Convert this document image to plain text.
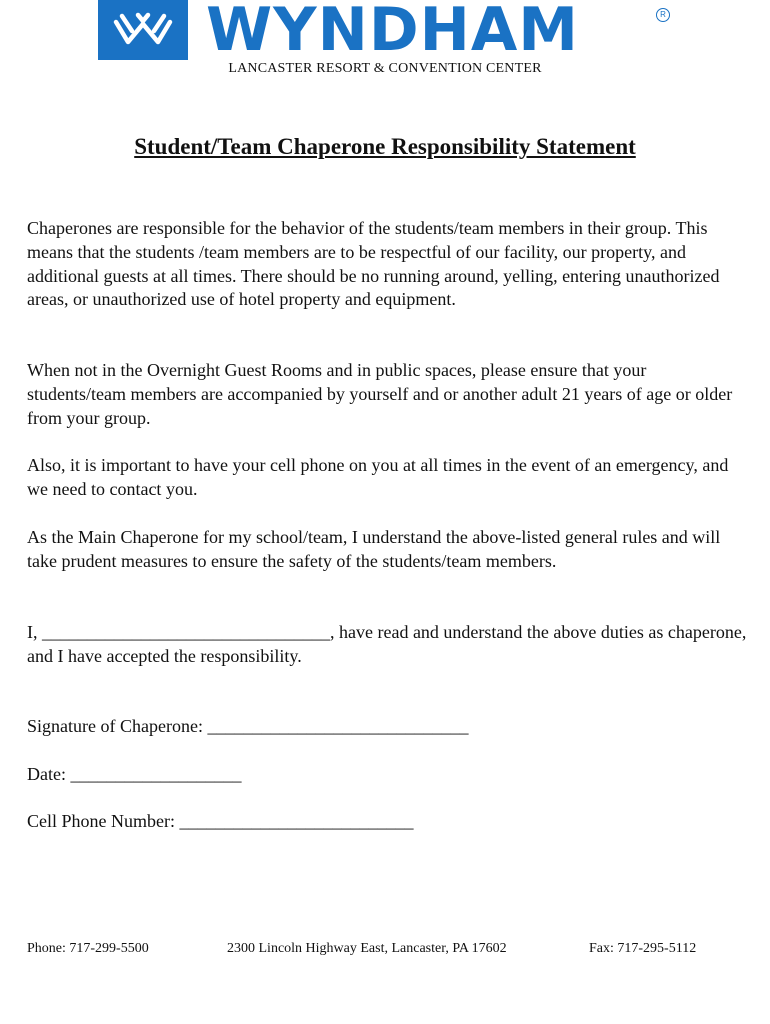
WYNDHAM	R
LANCASTER RESORT & CONVENTION CENTER
Student/Team Chaperone Responsibility Statement

Chaperones are responsible for the behavior of the students/team members in their group. This means that the students /team members are to be respectful of our facility, our property, and additional guests at all times. There should be no running around, yelling, entering unauthorized areas, or unauthorized use of hotel property and equipment.

When not in the Overnight Guest Rooms and in public spaces, please ensure that your students/team members are accompanied by yourself and or another adult 21 years of age or older from your group.

Also, it is important to have your cell phone on you at all times in the event of an emergency, and we need to contact you.

As the Main Chaperone for my school/team, I understand the above-listed general rules and will take prudent measures to ensure the safety of the students/team members.

I, ________________________________, have read and understand the above duties as chaperone, and I have accepted the responsibility.

Signature of Chaperone: _____________________________
Date: ___________________
Cell Phone Number: __________________________
Phone: 717-299-5500	2300 Lincoln Highway East, Lancaster, PA 17602	Fax: 717-295-5112
